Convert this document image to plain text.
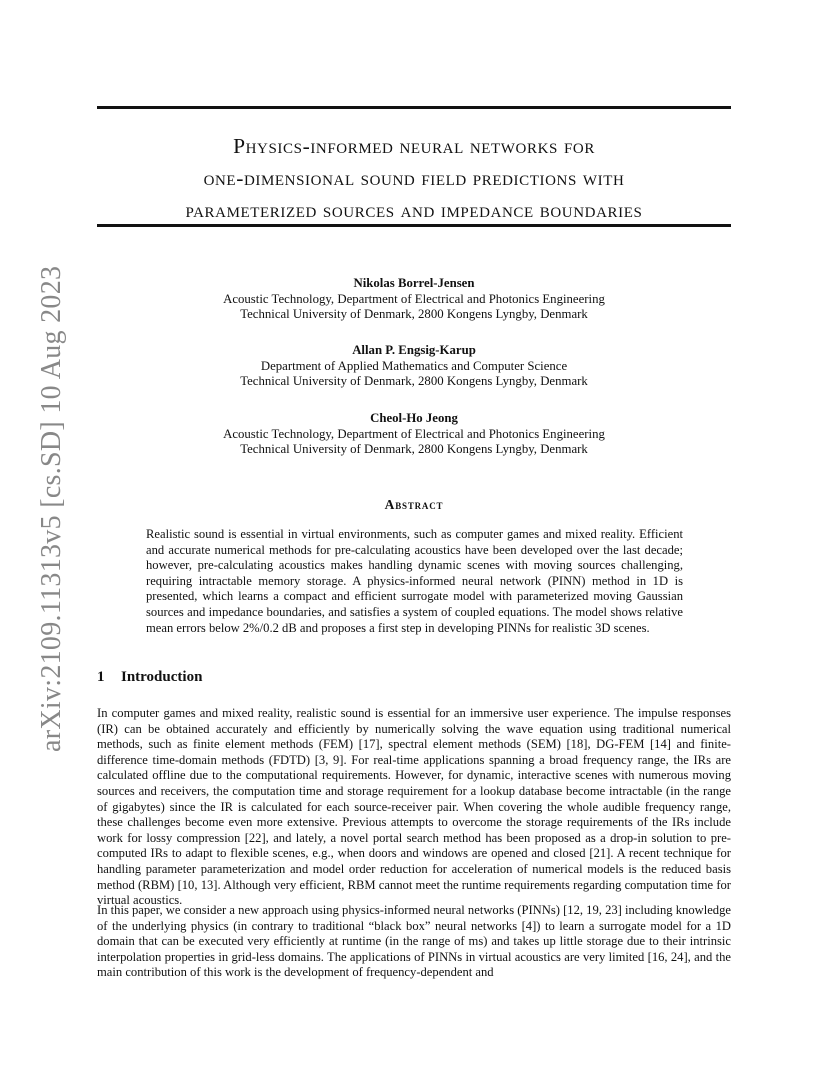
Physics-informed neural networks for
one-dimensional sound field predictions with
parameterized sources and impedance boundaries
arXiv:2109.11313v5 [cs.SD] 10 Aug 2023	Nikolas Borrel-Jensen
Acoustic Technology, Department of Electrical and Photonics Engineering
Technical University of Denmark, 2800 Kongens Lyngby, Denmark
Allan P. Engsig-Karup
Department of Applied Mathematics and Computer Science
Technical University of Denmark, 2800 Kongens Lyngby, Denmark
Cheol-Ho Jeong
Acoustic Technology, Department of Electrical and Photonics Engineering
Technical University of Denmark, 2800 Kongens Lyngby, Denmark
Abstract
Realistic sound is essential in virtual environments, such as computer games and mixed reality. Efficient and accurate numerical methods for pre-calculating acoustics have been developed over the last decade; however, pre-calculating acoustics makes handling dynamic scenes with moving sources challenging, requiring intractable memory storage. A physics-informed neural network (PINN) method in 1D is presented, which learns a compact and efficient surrogate model with parameterized moving Gaussian sources and impedance boundaries, and satisfies a system of coupled equations. The model shows relative mean errors below 2%/0.2 dB and proposes a first step in developing PINNs for realistic 3D scenes.
1 Introduction
In computer games and mixed reality, realistic sound is essential for an immersive user experience. The impulse responses (IR) can be obtained accurately and efficiently by numerically solving the wave equation using traditional numerical methods, such as finite element methods (FEM) [17], spectral element methods (SEM) [18], DG-FEM [14] and finite-difference time-domain methods (FDTD) [3, 9]. For real-time applications spanning a broad frequency range, the IRs are calculated offline due to the computational requirements. However, for dynamic, interactive scenes with numerous moving sources and receivers, the computation time and storage requirement for a lookup database become intractable (in the range of gigabytes) since the IR is calculated for each source-receiver pair. When covering the whole audible frequency range, these challenges become even more extensive. Previous attempts to overcome the storage requirements of the IRs include work for lossy compression [22], and lately, a novel portal search method has been proposed as a drop-in solution to pre-computed IRs to adapt to flexible scenes, e.g., when doors and windows are opened and closed [21]. A recent technique for handling parameter parameterization and model order reduction for acceleration of numerical models is the reduced basis method (RBM) [10, 13]. Although very efficient, RBM cannot meet the runtime requirements regarding computation time for virtual acoustics.
In this paper, we consider a new approach using physics-informed neural networks (PINNs) [12, 19, 23] including knowledge of the underlying physics (in contrary to traditional “black box” neural networks [4]) to learn a surrogate model for a 1D domain that can be executed very efficiently at runtime (in the range of ms) and takes up little storage due to their intrinsic interpolation properties in grid-less domains. The applications of PINNs in virtual acoustics are very limited [16, 24], and the main contribution of this work is the development of frequency-dependent and
